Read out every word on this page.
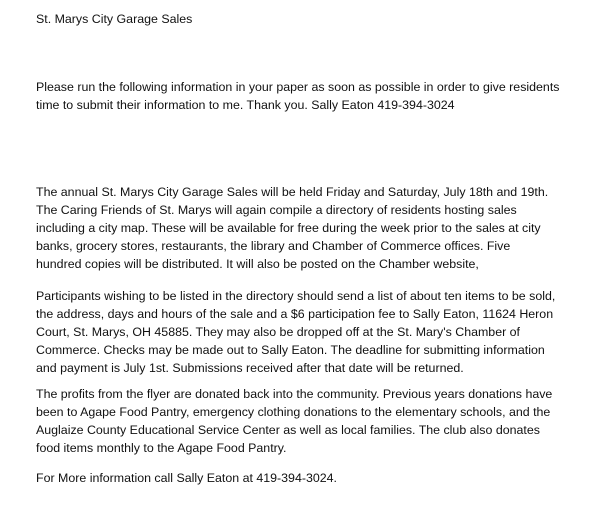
St. Marys City Garage Sales

Please run the following information in your paper as soon as possible in order to give residents
time to submit their information to me. Thank you. Sally Eaton 419-394-3024

The annual St. Marys City Garage Sales will be held Friday and Saturday, July 18th and 19th.
The Caring Friends of St. Marys will again compile a directory of residents hosting sales
including a city map. These will be available for free during the week prior to the sales at city
banks, grocery stores, restaurants, the library and Chamber of Commerce offices. Five
hundred copies will be distributed. It will also be posted on the Chamber website,

Participants wishing to be listed in the directory should send a list of about ten items to be sold,
the address, days and hours of the sale and a $6 participation fee to Sally Eaton, 11624 Heron
Court, St. Marys, OH 45885. They may also be dropped off at the St. Mary's Chamber of
Commerce. Checks may be made out to Sally Eaton. The deadline for submitting information
and payment is July 1st. Submissions received after that date will be returned.

The profits from the flyer are donated back into the community. Previous years donations have
been to Agape Food Pantry, emergency clothing donations to the elementary schools, and the
Auglaize County Educational Service Center as well as local families. The club also donates
food items monthly to the Agape Food Pantry.

For More information call Sally Eaton at 419-394-3024.
